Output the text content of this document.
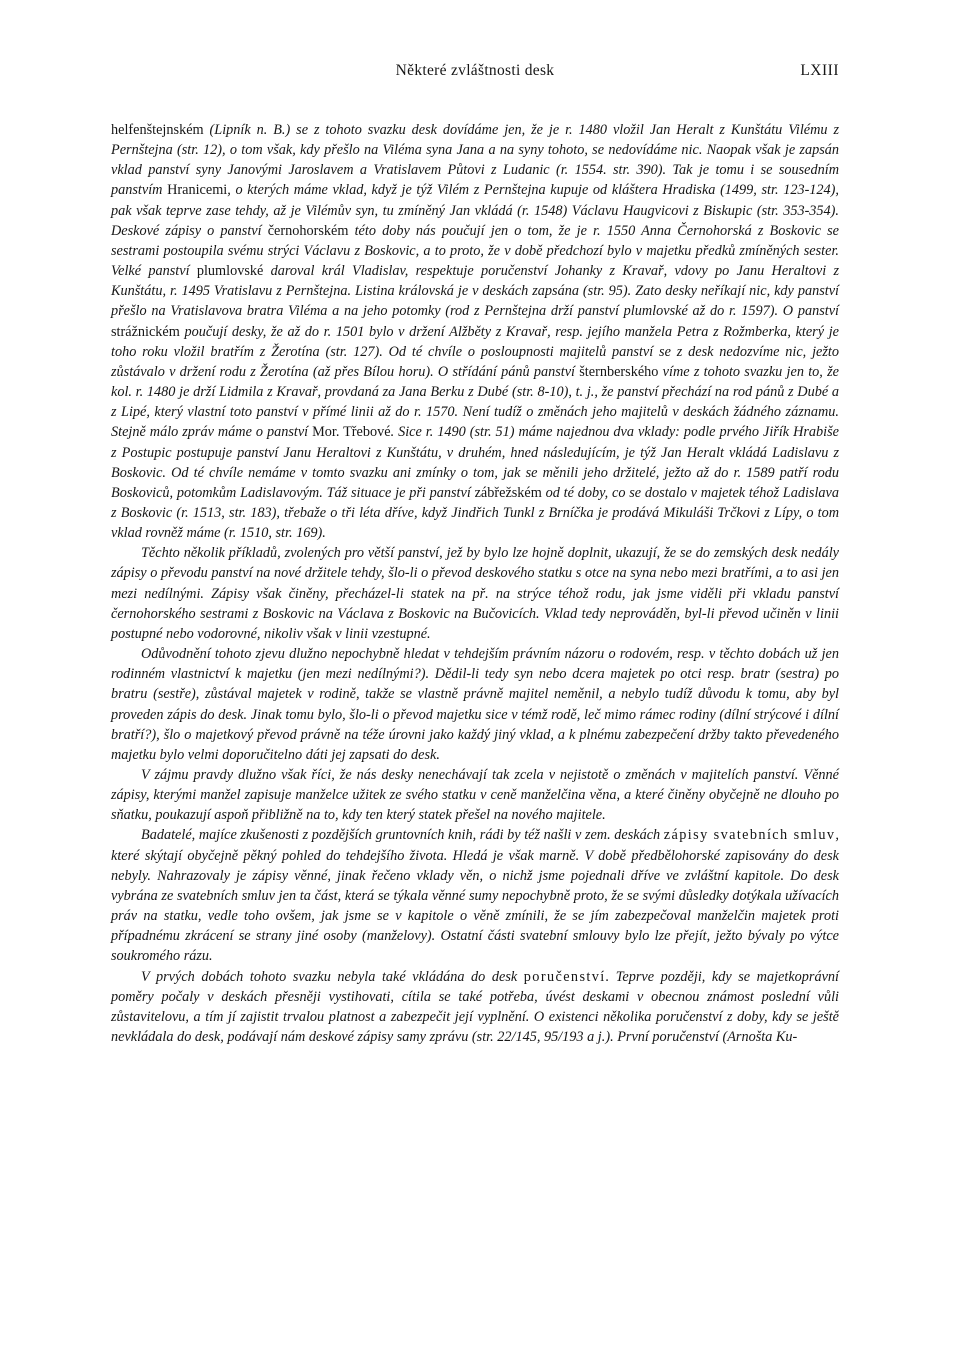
Některé zvláštnosti desk	LXIII

helfenštejnském (Lipník n. B.) se z tohoto svazku desk dovídáme jen, že je r. 1480 vložil Jan Heralt z Kunštátu Vilému z Pernštejna (str. 12), o tom však, kdy přešlo na Viléma syna Jana a na syny tohoto, se nedovídáme nic. Naopak však je zapsán vklad panství syny Janovými Jaroslavem a Vratislavem Půtovi z Ludanic (r. 1554. str. 390). Tak je tomu i se sousedním panstvím Hranicemi, o kterých máme vklad, když je týž Vilém z Pernštejna kupuje od kláštera Hradiska (1499, str. 123-124), pak však teprve zase tehdy, až je Vilémův syn, tu zmíněný Jan vkládá (r. 1548) Václavu Haugvicovi z Biskupic (str. 353-354). Deskové zápisy o panství černohorském této doby nás poučují jen o tom, že je r. 1550 Anna Černohorská z Boskovic se sestrami postoupila svému strýci Václavu z Boskovic, a to proto, že v době předchozí bylo v majetku předků zmíněných sester. Velké panství plumlovské daroval král Vladislav, respektuje poručenství Johanky z Kravař, vdovy po Janu Heraltovi z Kunštátu, r. 1495 Vratislavu z Pernštejna. Listina královská je v deskách zapsána (str. 95). Zato desky neříkají nic, kdy panství přešlo na Vratislavova bratra Viléma a na jeho potomky (rod z Pernštejna drží panství plumlovské až do r. 1597). O panství strážnickém poučují desky, že až do r. 1501 bylo v držení Alžběty z Kravař, resp. jejího manžela Petra z Rožmberka, který je toho roku vložil bratřím z Žerotína (str. 127). Od té chvíle o posloupnosti majitelů panství se z desk nedozvíme nic, ježto zůstávalo v držení rodu z Žerotína (až přes Bílou horu). O střídání pánů panství šternberského víme z tohoto svazku jen to, že kol. r. 1480 je drží Lidmila z Kravař, provdaná za Jana Berku z Dubé (str. 8-10), t. j., že panství přechází na rod pánů z Dubé a z Lipé, který vlastní toto panství v přímé linii až do r. 1570. Není tudíž o změnách jeho majitelů v deskách žádného záznamu. Stejně málo zpráv máme o panství Mor. Třebové. Sice r. 1490 (str. 51) máme najednou dva vklady: podle prvého Jiřík Hrabiše z Postupic postupuje panství Janu Heraltovi z Kunštátu, v druhém, hned následujícím, je týž Jan Heralt vkládá Ladislavu z Boskovic. Od té chvíle nemáme v tomto svazku ani zmínky o tom, jak se měnili jeho držitelé, ježto až do r. 1589 patří rodu Boskoviců, potomkům Ladislavovým. Táž situace je při panství zábřežském od té doby, co se dostalo v majetek téhož Ladislava z Boskovic (r. 1513, str. 183), třebaže o tři léta dříve, když Jindřich Tunkl z Brníčka je prodává Mikuláši Trčkovi z Lípy, o tom vklad rovněž máme (r. 1510, str. 169).

Těchto několik příkladů, zvolených pro větší panství, jež by bylo lze hojně doplnit, ukazují, že se do zemských desk nedály zápisy o převodu panství na nové držitele tehdy, šlo-li o převod deskového statku s otce na syna nebo mezi bratřími, a to asi jen mezi nedílnými. Zápisy však činěny, přecházel-li statek na př. na strýce téhož rodu, jak jsme viděli při vkladu panství černohorského sestrami z Boskovic na Václava z Boskovic na Bučovicích. Vklad tedy neprováděn, byl-li převod učiněn v linii postupné nebo vodorovné, nikoliv však v linii vzestupné.

Odůvodnění tohoto zjevu dlužno nepochybně hledat v tehdejším právním názoru o rodovém, resp. v těchto dobách už jen rodinném vlastnictví k majetku (jen mezi nedílnými?). Dědil-li tedy syn nebo dcera majetek po otci resp. bratr (sestra) po bratru (sestře), zůstával majetek v rodině, takže se vlastně právně majitel neměnil, a nebylo tudíž důvodu k tomu, aby byl proveden zápis do desk. Jinak tomu bylo, šlo-li o převod majetku sice v témž rodě, leč mimo rámec rodiny (dílní strýcové i dílní bratří?), šlo o majetkový převod právně na téže úrovni jako každý jiný vklad, a k plnému zabezpečení držby takto převedeného majetku bylo velmi doporučitelno dáti jej zapsati do desk.

V zájmu pravdy dlužno však říci, že nás desky nenechávají tak zcela v nejistotě o změnách v majitelích panství. Věnné zápisy, kterými manžel zapisuje manželce užitek ze svého statku v ceně manželčina věna, a které činěny obyčejně ne dlouho po sňatku, poukazují aspoň přibližně na to, kdy ten který statek přešel na nového majitele.

Badatelé, majíce zkušenosti z pozdějších gruntovních knih, rádi by též našli v zem. deskách zápisy svatebních smluv, které skýtají obyčejně pěkný pohled do tehdejšího života. Hledá je však marně. V době předbělohorské zapisovány do desk nebyly. Nahrazovaly je zápisy věnné, jinak řečeno vklady věn, o nichž jsme pojednali dříve ve zvláštní kapitole. Do desk vybrána ze svatebních smluv jen ta část, která se týkala věnné sumy nepochybně proto, že se svými důsledky dotýkala užívacích práv na statku, vedle toho ovšem, jak jsme se v kapitole o věně zmínili, že se jím zabezpečoval manželčin majetek proti případnému zkrácení se strany jiné osoby (manželovy). Ostatní části svatební smlouvy bylo lze přejít, ježto bývaly po výtce soukromého rázu.

V prvých dobách tohoto svazku nebyla také vkládána do desk poručenství. Teprve později, kdy se majetkoprávní poměry počaly v deskách přesněji vystihovati, cítila se také potřeba, úvést deskami v obecnou známost poslední vůli zůstavitelovu, a tím jí zajistit trvalou platnost a zabezpečit její vyplnění. O existenci několika poručenství z doby, kdy se ještě nevkládala do desk, podávají nám deskové zápisy samy zprávu (str. 22/145, 95/193 a j.). První poručenství (Arnošta Ku-
